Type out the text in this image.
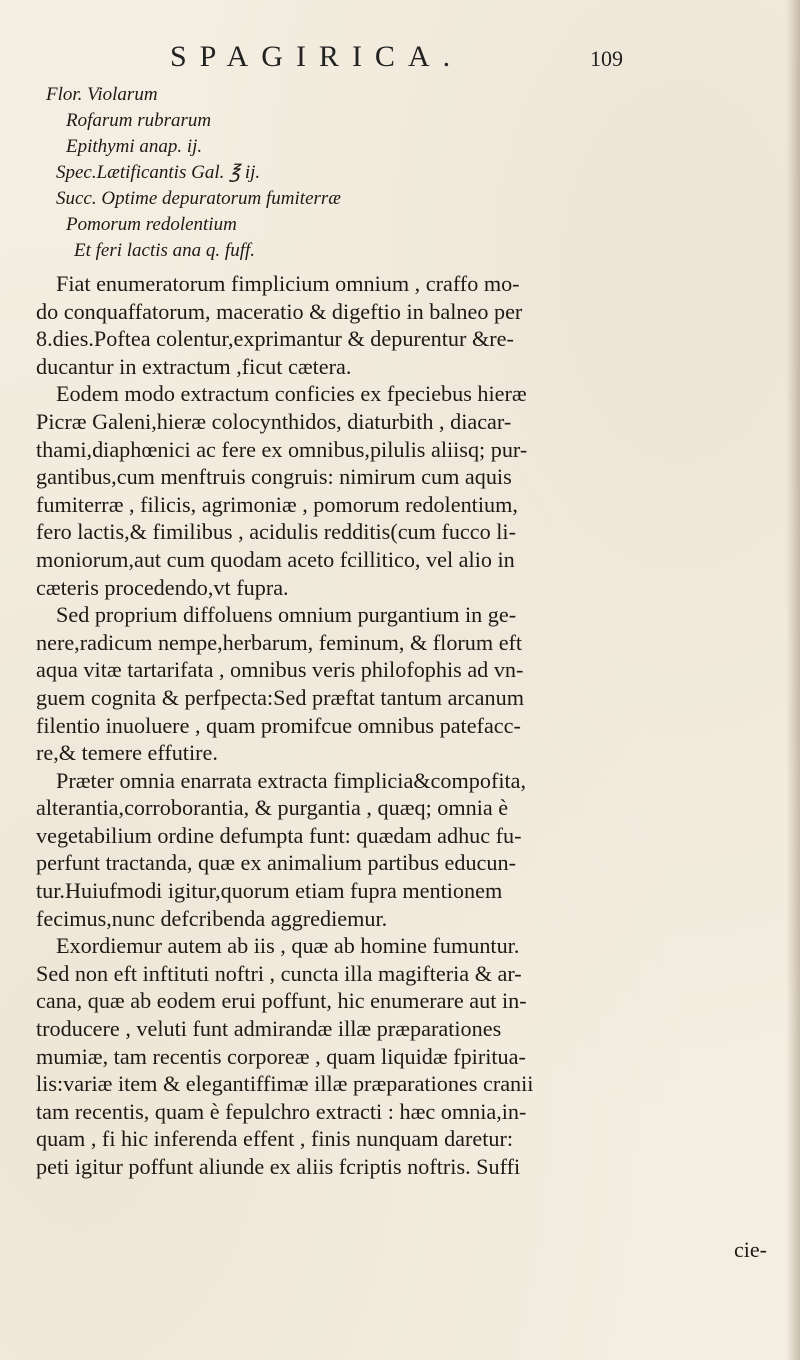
SPAGIRICA.	109
Flor. Violarum
Rofarum rubrarum
Epithymi anap. ij.
Spec.Lætificantis Gal. ℥ ij.
Succ. Optime depuratorum fumiterræ
Pomorum redolentium
Et feri lactis ana q. fuff.
Fiat enumeratorum fimplicium omnium , craffo mo-
do conquaffatorum, maceratio & digeftio in balneo per
8.dies.Poftea colentur,exprimantur & depurentur &re-
ducantur in extractum ,ficut cætera.
Eodem modo extractum conficies ex fpeciebus hieræ
Picræ Galeni,hieræ colocynthidos, diaturbith , diacar-
thami,diaphœnici ac fere ex omnibus,pilulis aliisq; pur-
gantibus,cum menftruis congruis: nimirum cum aquis
fumiterræ , filicis, agrimoniæ , pomorum redolentium,
fero lactis,& fimilibus , acidulis redditis(cum fucco li-
moniorum,aut cum quodam aceto fcillitico, vel alio in
cæteris procedendo,vt fupra.
Sed proprium diffoluens omnium purgantium in ge-
nere,radicum nempe,herbarum, feminum, & florum eft
aqua vitæ tartarifata , omnibus veris philofophis ad vn-
guem cognita & perfpecta:Sed præftat tantum arcanum
filentio inuoluere , quam promifcue omnibus patefacc-
re,& temere effutire.
Præter omnia enarrata extracta fimplicia&compofita,
alterantia,corroborantia, & purgantia , quæq; omnia è
vegetabilium ordine defumpta funt: quædam adhuc fu-
perfunt tractanda, quæ ex animalium partibus educun-
tur.Huiufmodi igitur,quorum etiam fupra mentionem
fecimus,nunc defcribenda aggrediemur.
Exordiemur autem ab iis , quæ ab homine fumuntur.
Sed non eft inftituti noftri , cuncta illa magifteria & ar-
cana, quæ ab eodem erui poffunt, hic enumerare aut in-
troducere , veluti funt admirandæ illæ præparationes
mumiæ, tam recentis corporeæ , quam liquidæ fpiritua-
lis:variæ item & elegantiffimæ illæ præparationes cranii
tam recentis, quam è fepulchro extracti : hæc omnia,in-
quam , fi hic inferenda effent , finis nunquam daretur:
peti igitur poffunt aliunde ex aliis fcriptis noftris. Suffi
cie-
